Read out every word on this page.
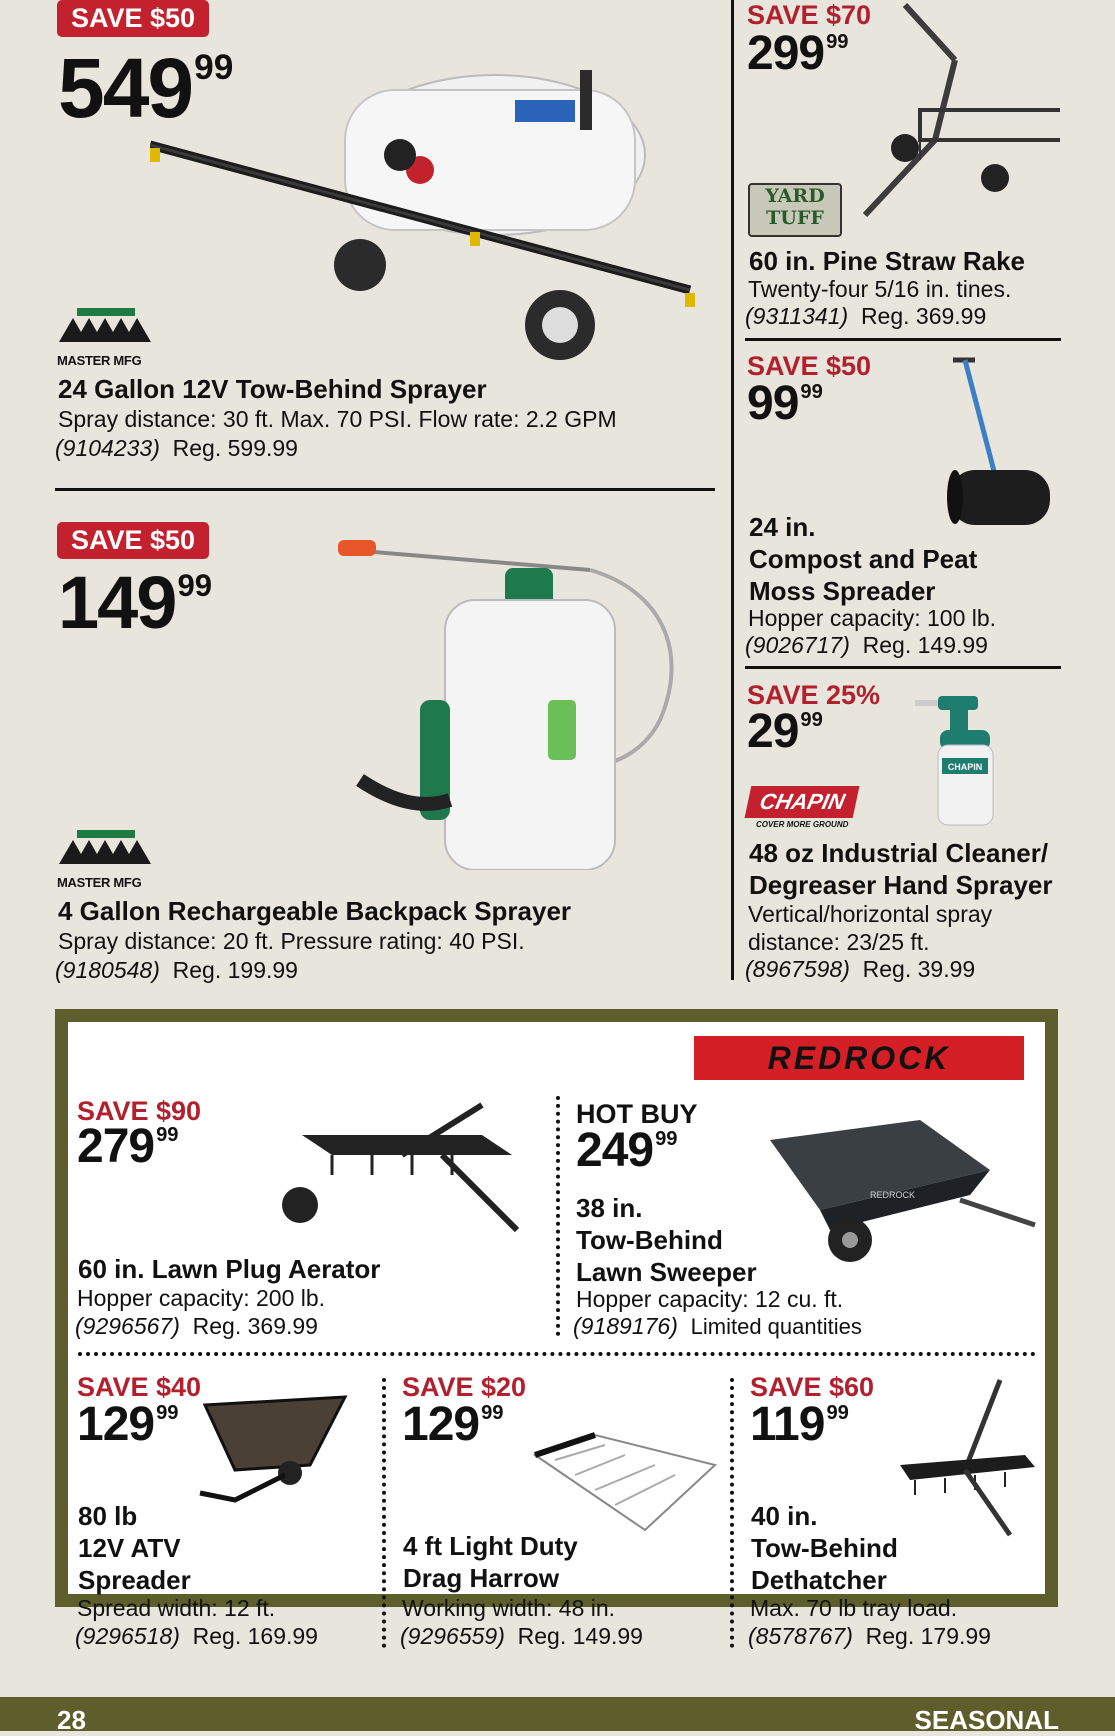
SAVE $50
$549^{99}$
MASTER MFG
24 Gallon 12V Tow-Behind Sprayer
Spray distance: 30 ft. Max. 70 PSI. Flow rate: 2.2 GPM
(9104233) Reg. 599.99
SAVE $50
$149^{99}$
MASTER MFG
4 Gallon Rechargeable Backpack Sprayer
Spray distance: 20 ft. Pressure rating: 40 PSI.
(9180548) Reg. 199.99
SAVE $70
$299^{99}$
YARD
TUFF
60 in. Pine Straw Rake
Twenty-four 5/16 in. tines.
(9311341) Reg. 369.99
SAVE $50
$99^{99}$
24 in.
Compost and Peat
Moss Spreader
Hopper capacity: 100 lb.
(9026717) Reg. 149.99
SAVE 25%
$29^{99}$
CHAPIN
CHAPIN
COVER MORE GROUND
48 oz Industrial Cleaner/
Degreaser Hand Sprayer
Vertical/horizontal spray
distance: 23/25 ft.
(8967598) Reg. 39.99
REDROCK
SAVE $90
$279^{99}$
60 in. Lawn Plug Aerator
Hopper capacity: 200 lb.
(9296567) Reg. 369.99
HOT BUY
$249^{99}$
REDROCK
38 in.
Tow-Behind
Lawn Sweeper
Hopper capacity: 12 cu. ft.
(9189176) Limited quantities
SAVE $40
$129^{99}$
80 lb
12V ATV
Spreader
Spread width: 12 ft.
(9296518) Reg. 169.99
SAVE $20
$129^{99}$
4 ft Light Duty
Drag Harrow
Working width: 48 in.
(9296559) Reg. 149.99
SAVE $60
$119^{99}$
40 in.
Tow-Behind
Dethatcher
Max. 70 lb tray load.
(8578767) Reg. 179.99
28	SEASONAL
